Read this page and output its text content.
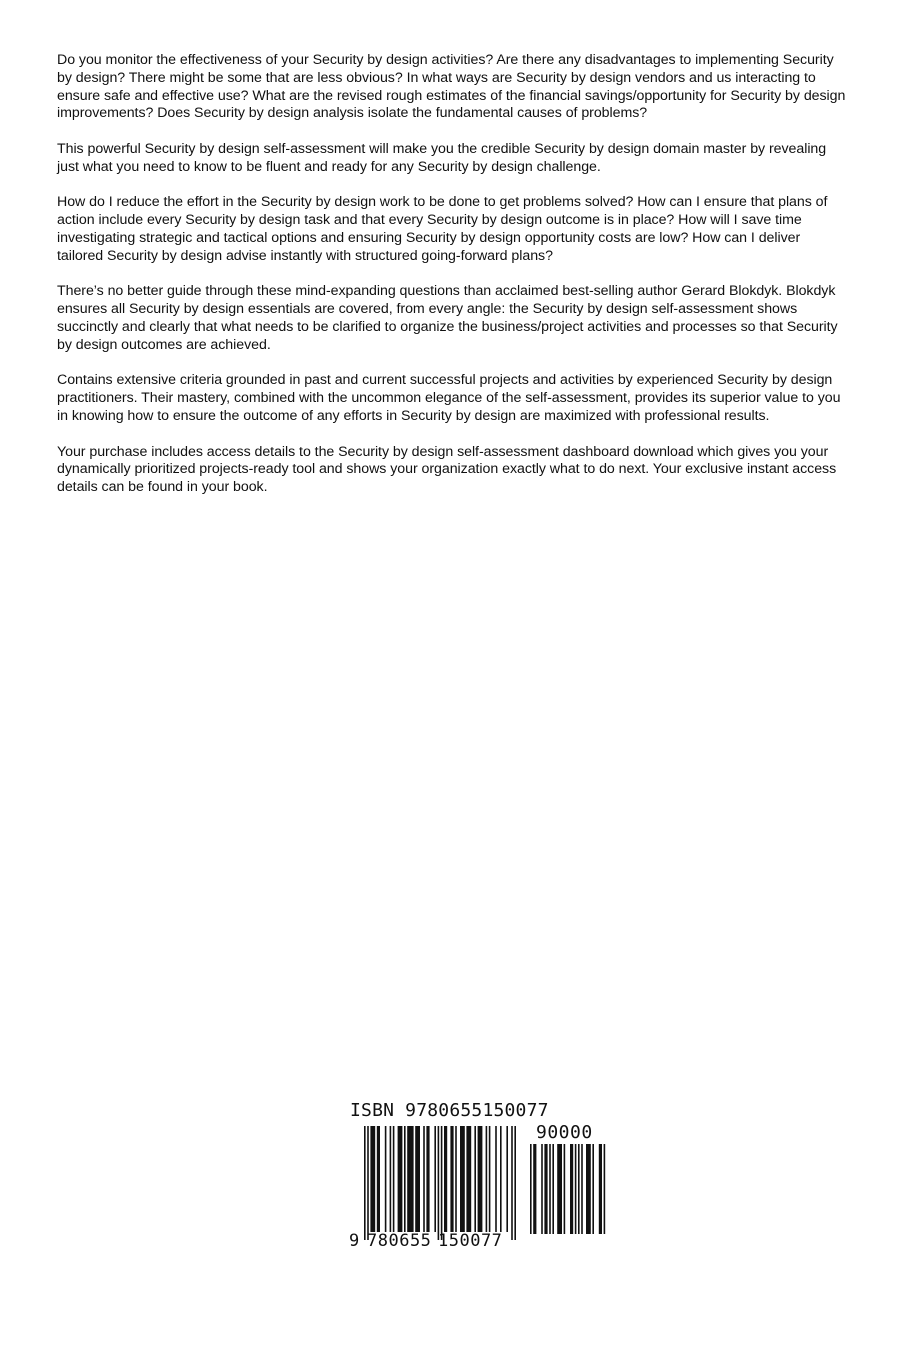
Do you monitor the effectiveness of your Security by design activities? Are there any disadvantages to implementing Security by design? There might be some that are less obvious? In what ways are Security by design vendors and us interacting to ensure safe and effective use? What are the revised rough estimates of the financial savings/opportunity for Security by design improvements? Does Security by design analysis isolate the fundamental causes of problems?

This powerful Security by design self-assessment will make you the credible Security by design domain master by revealing just what you need to know to be fluent and ready for any Security by design challenge.

How do I reduce the effort in the Security by design work to be done to get problems solved? How can I ensure that plans of action include every Security by design task and that every Security by design outcome is in place? How will I save time investigating strategic and tactical options and ensuring Security by design opportunity costs are low? How can I deliver tailored Security by design advise instantly with structured going-forward plans?

There’s no better guide through these mind-expanding questions than acclaimed best-selling author Gerard Blokdyk. Blokdyk ensures all Security by design essentials are covered, from every angle: the Security by design self-assessment shows succinctly and clearly that what needs to be clarified to organize the business/project activities and processes so that Security by design outcomes are achieved.

Contains extensive criteria grounded in past and current successful projects and activities by experienced Security by design practitioners. Their mastery, combined with the uncommon elegance of the self-assessment, provides its superior value to you in knowing how to ensure the outcome of any efforts in Security by design are maximized with professional results.

Your purchase includes access details to the Security by design self-assessment dashboard download which gives you your dynamically prioritized projects-ready tool and shows your organization exactly what to do next. Your exclusive instant access details can be found in your book.

ISBN 9780655150077
90000
9 780655 150077
